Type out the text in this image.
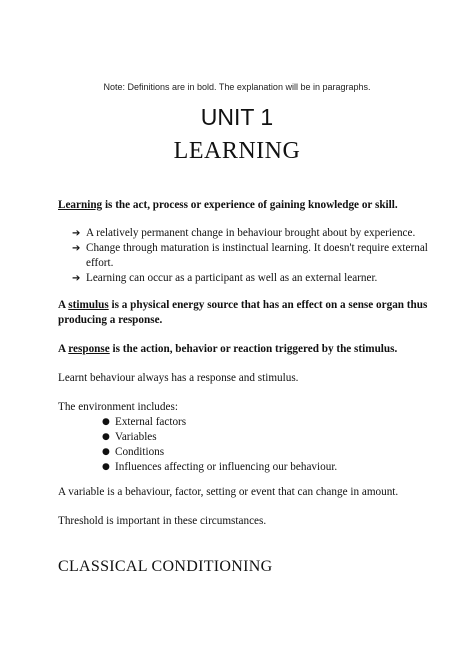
Note: Definitions are in bold. The explanation will be in paragraphs.
UNIT 1
LEARNING
Learning is the act, process or experience of gaining knowledge or skill.
➔ A relatively permanent change in behaviour brought about by experience.
➔ Change through maturation is instinctual learning. It doesn't require external effort.
➔ Learning can occur as a participant as well as an external learner.
A stimulus is a physical energy source that has an effect on a sense organ thus producing a response.
A response is the action, behavior or reaction triggered by the stimulus.
Learnt behaviour always has a response and stimulus.
The environment includes:
● External factors
● Variables
● Conditions
● Influences affecting or influencing our behaviour.
A variable is a behaviour, factor, setting or event that can change in amount.
Threshold is important in these circumstances.
CLASSICAL CONDITIONING
